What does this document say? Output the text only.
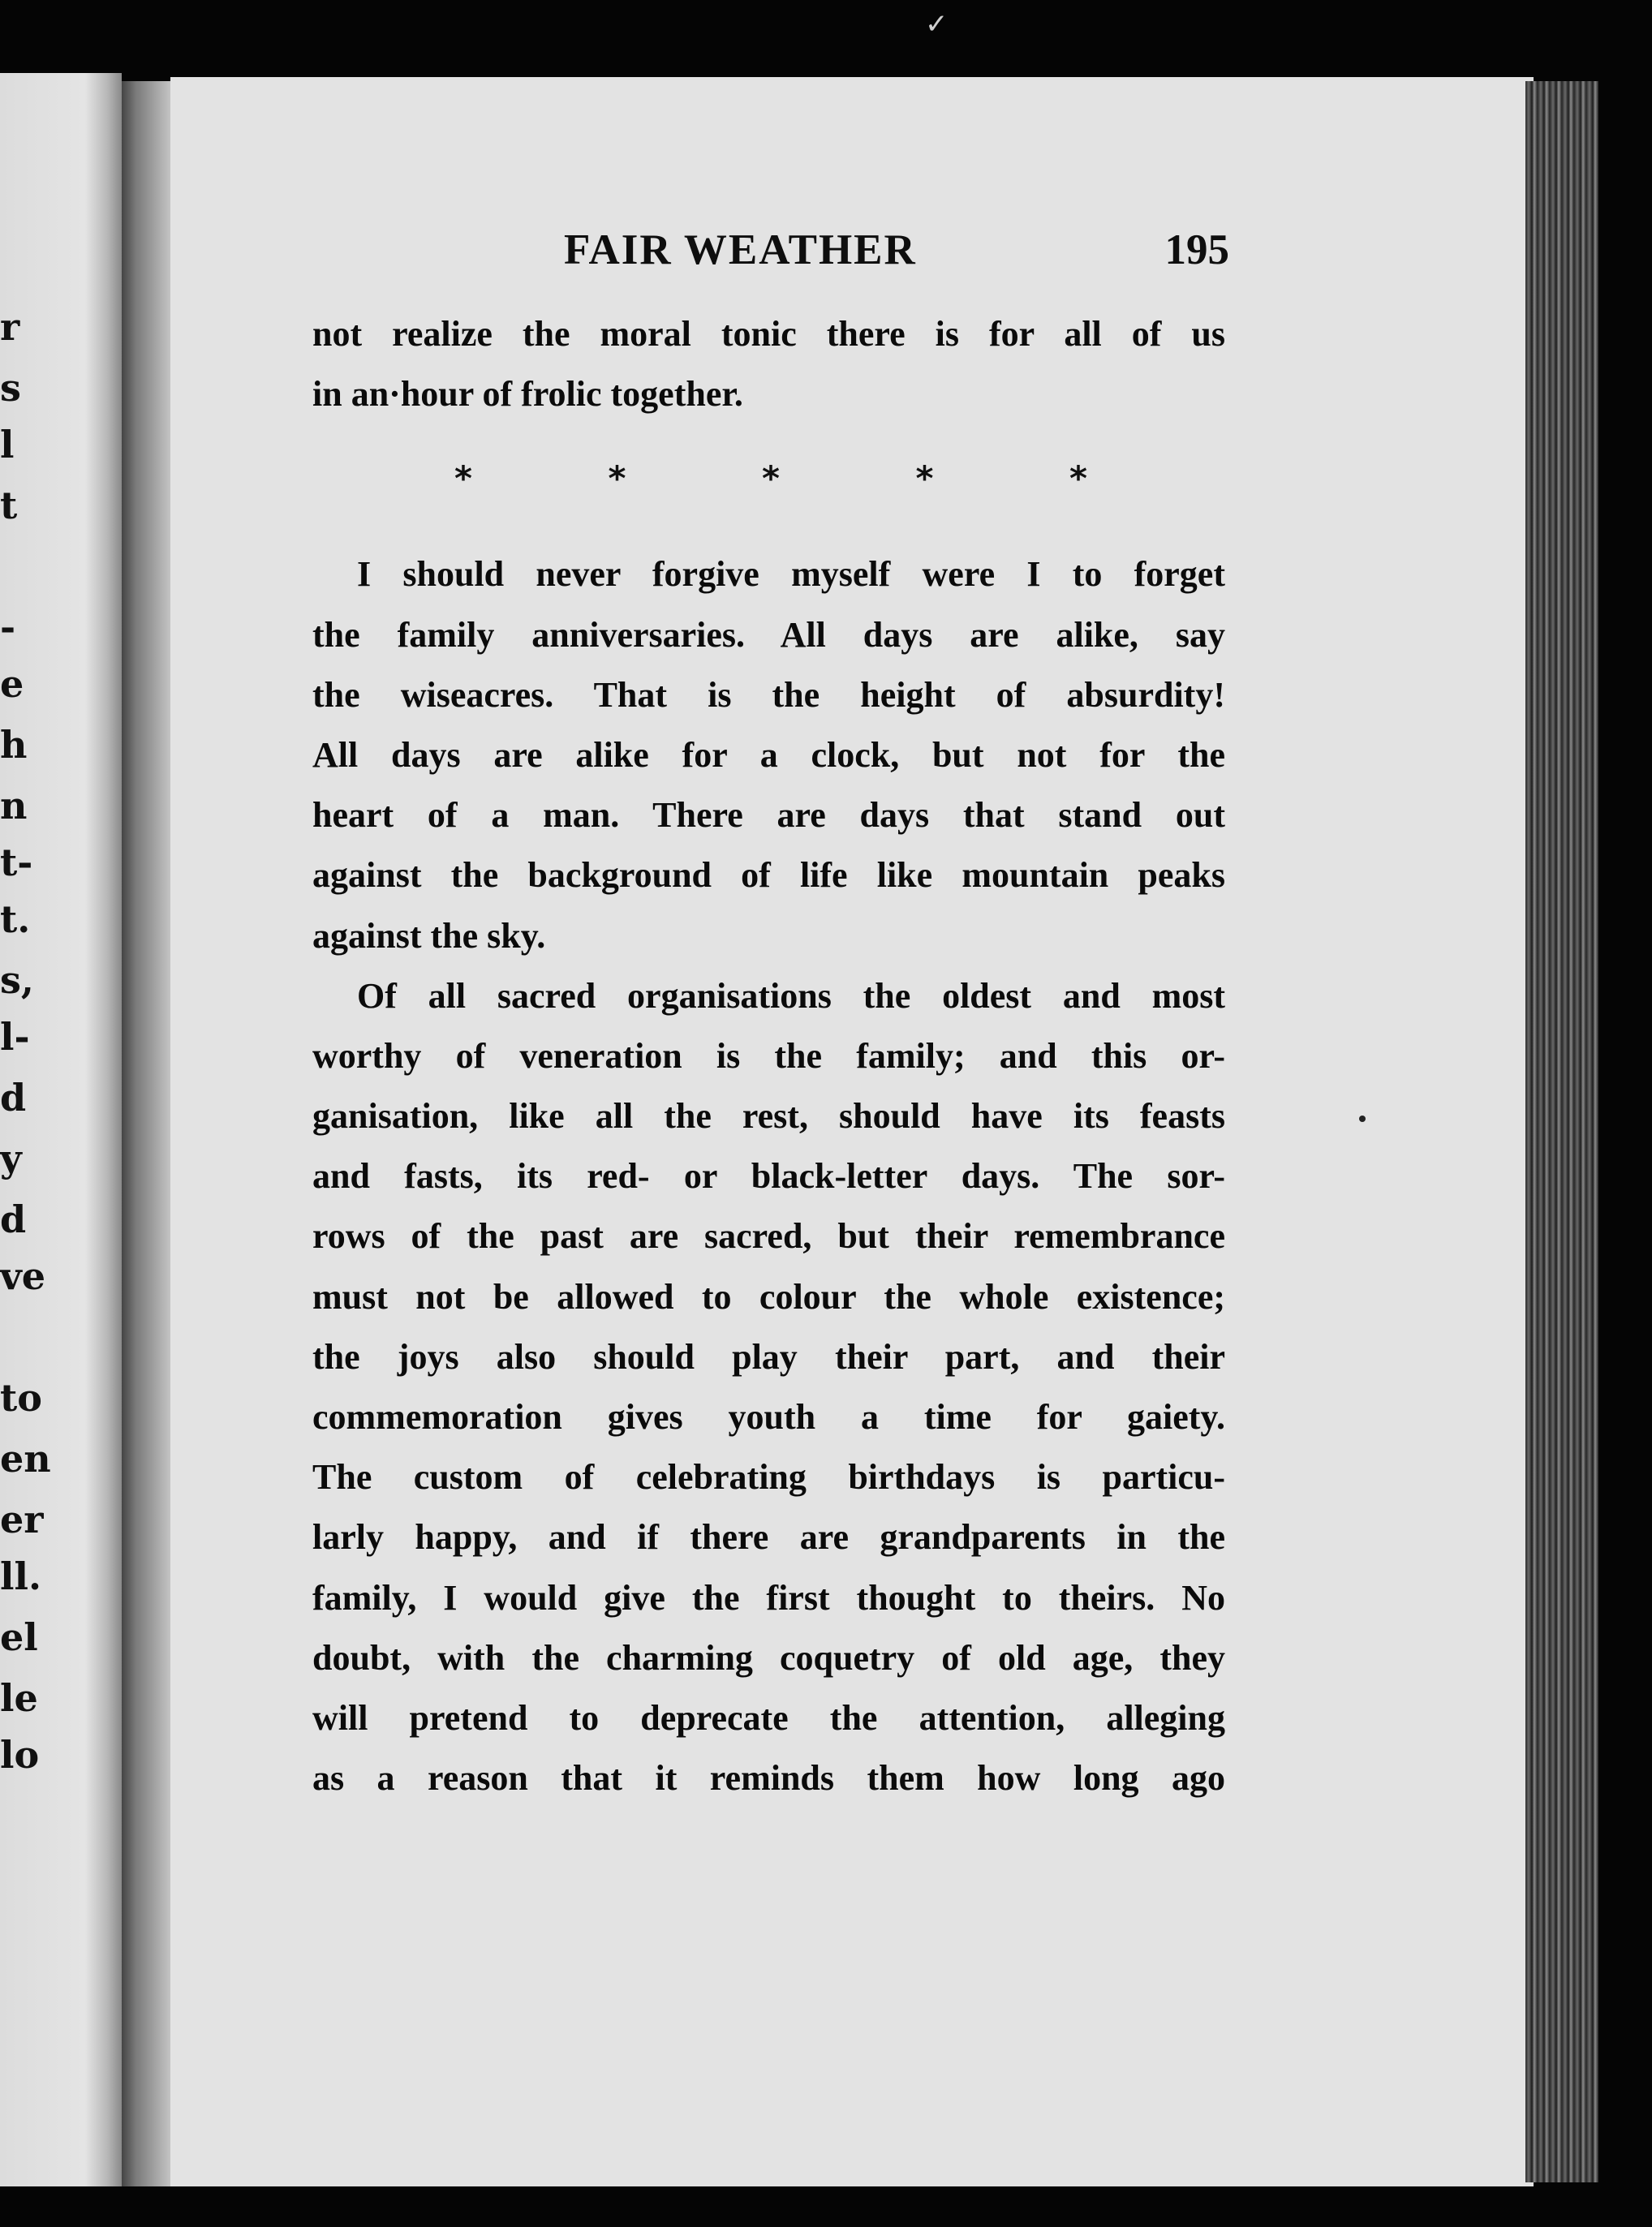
✓
r
s
l
t
-
e
h
n
t-
t.
s,
l-
d
y
d
ve
to
en
er
ll.
el
le
lo
FAIR WEATHER	195
*	*	*	*	*
not realize the moral tonic there is for all of us
in an·hour of frolic together.
I should never forgive myself were I to forget
the family anniversaries. All days are alike, say
the wiseacres. That is the height of absurdity!
All days are alike for a clock, but not for the
heart of a man. There are days that stand out
against the background of life like mountain peaks
against the sky.
Of all sacred organisations the oldest and most
worthy of veneration is the family; and this or-
ganisation, like all the rest, should have its feasts
and fasts, its red- or black-letter days. The sor-
rows of the past are sacred, but their remembrance
must not be allowed to colour the whole existence;
the joys also should play their part, and their
commemoration gives youth a time for gaiety.
The custom of celebrating birthdays is particu-
larly happy, and if there are grandparents in the
family, I would give the first thought to theirs. No
doubt, with the charming coquetry of old age, they
will pretend to deprecate the attention, alleging
as a reason that it reminds them how long ago
